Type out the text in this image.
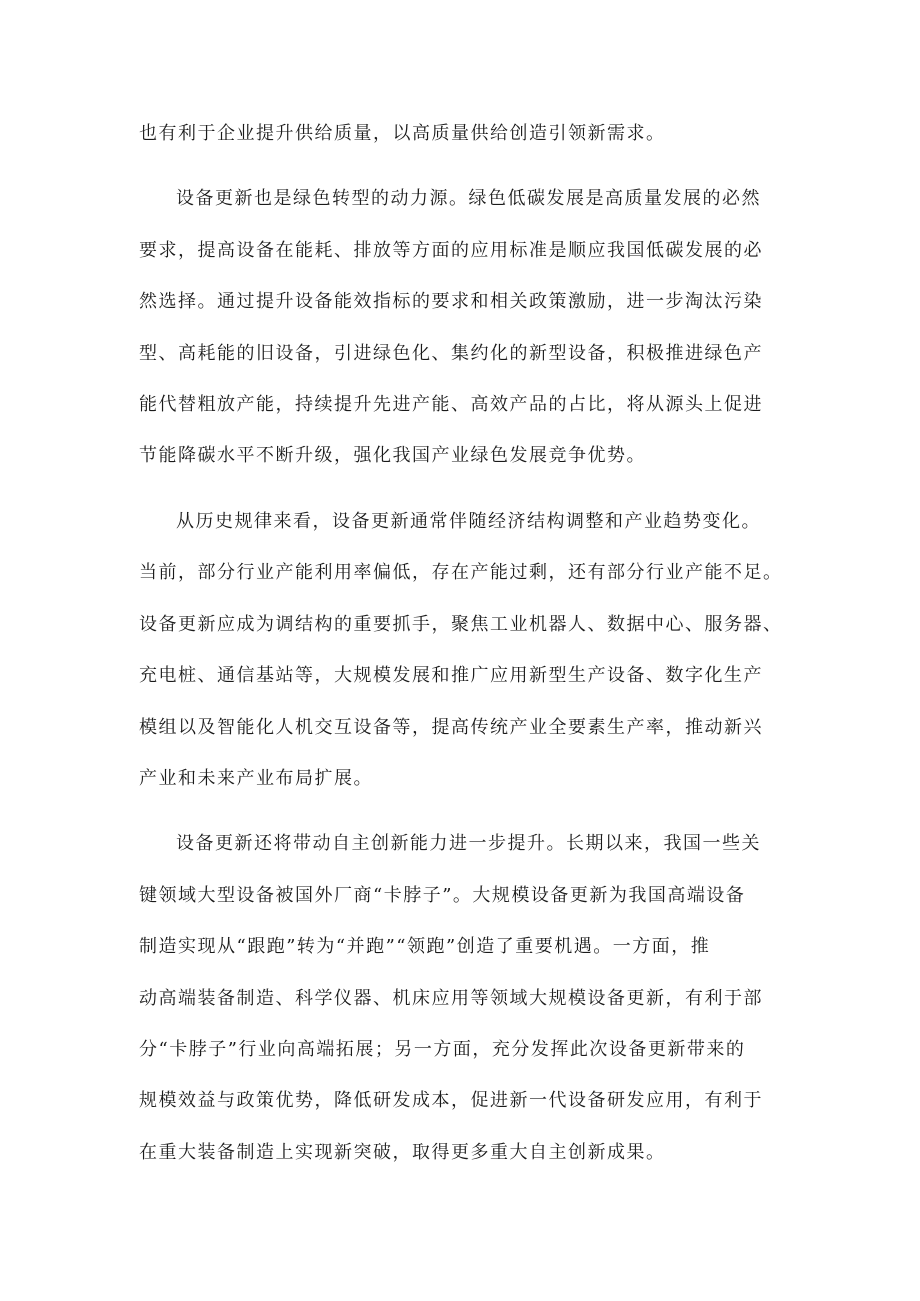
也有利于企业提升供给质量，以高质量供给创造引领新需求。

设备更新也是绿色转型的动力源。绿色低碳发展是高质量发展的必然

要求，提高设备在能耗、排放等方面的应用标准是顺应我国低碳发展的必

然选择。通过提升设备能效指标的要求和相关政策激励，进一步淘汰污染

型、高耗能的旧设备，引进绿色化、集约化的新型设备，积极推进绿色产

能代替粗放产能，持续提升先进产能、高效产品的占比，将从源头上促进

节能降碳水平不断升级，强化我国产业绿色发展竞争优势。

从历史规律来看，设备更新通常伴随经济结构调整和产业趋势变化。

当前，部分行业产能利用率偏低，存在产能过剩，还有部分行业产能不足。

设备更新应成为调结构的重要抓手，聚焦工业机器人、数据中心、服务器、

充电桩、通信基站等，大规模发展和推广应用新型生产设备、数字化生产

模组以及智能化人机交互设备等，提高传统产业全要素生产率，推动新兴

产业和未来产业布局扩展。

设备更新还将带动自主创新能力进一步提升。长期以来，我国一些关

键领域大型设备被国外厂商“卡脖子”。大规模设备更新为我国高端设备

制造实现从“跟跑”转为“并跑”“领跑”创造了重要机遇。一方面，推

动高端装备制造、科学仪器、机床应用等领域大规模设备更新，有利于部

分“卡脖子”行业向高端拓展；另一方面，充分发挥此次设备更新带来的

规模效益与政策优势，降低研发成本，促进新一代设备研发应用，有利于

在重大装备制造上实现新突破，取得更多重大自主创新成果。
